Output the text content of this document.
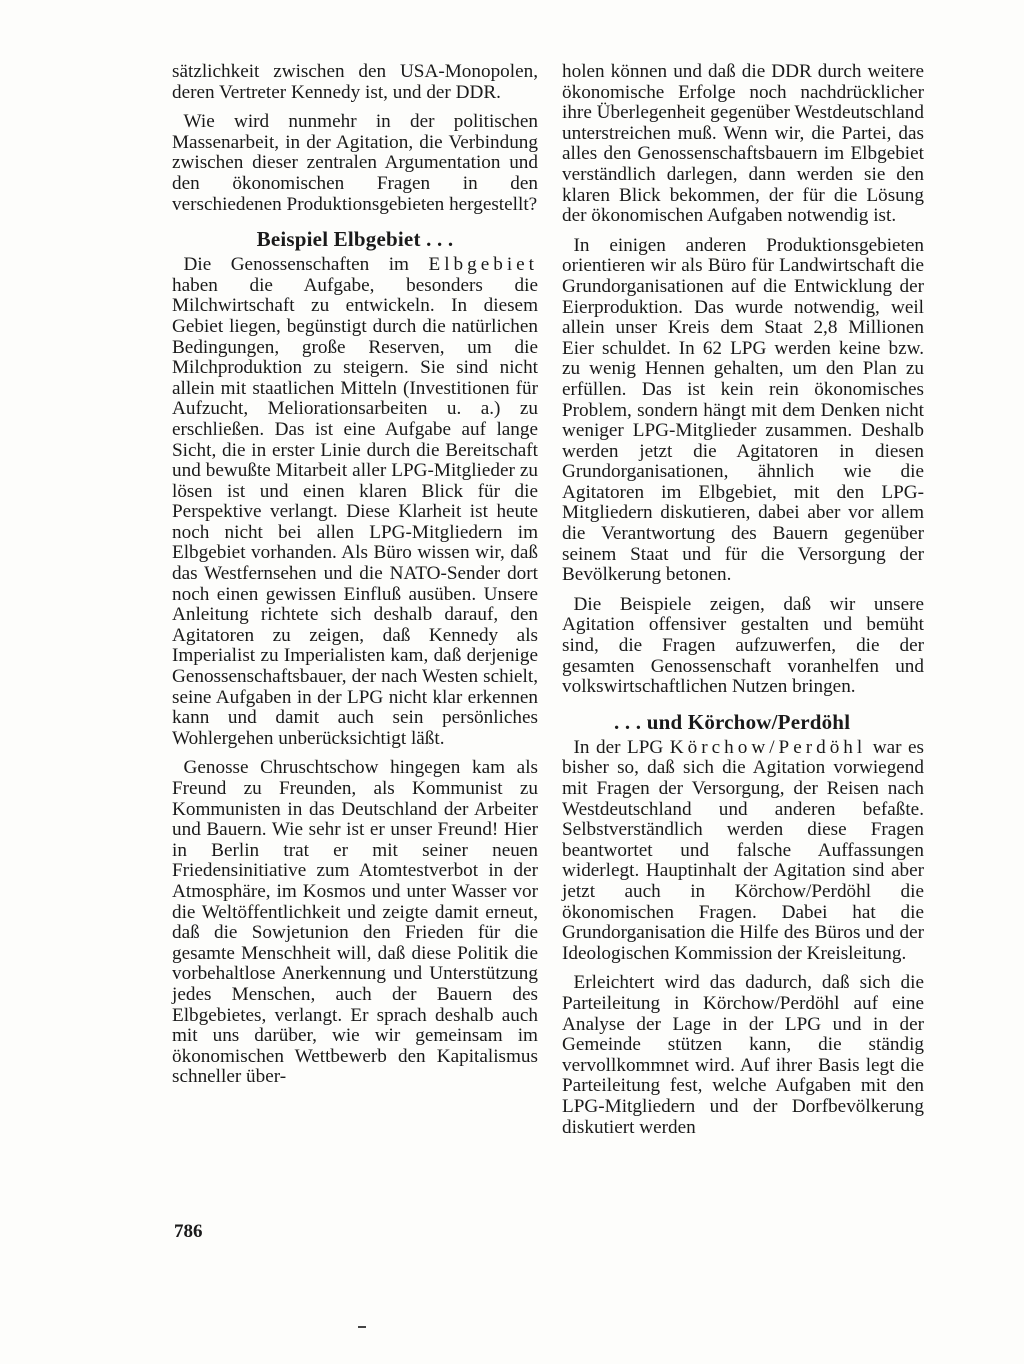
sätzlichkeit zwischen den USA-Monopolen, deren Vertreter Kennedy ist, und der DDR.

Wie wird nunmehr in der politischen Massenarbeit, in der Agitation, die Verbindung zwischen dieser zentralen Argumentation und den ökonomischen Fragen in den verschiedenen Produktionsgebieten hergestellt?

Beispiel Elbgebiet . . .

Die Genossenschaften im Elbgebiet haben die Aufgabe, besonders die Milchwirtschaft zu entwickeln. In diesem Gebiet liegen, begünstigt durch die natürlichen Bedingungen, große Reserven, um die Milchproduktion zu steigern. Sie sind nicht allein mit staatlichen Mitteln (Investitionen für Aufzucht, Meliorationsarbeiten u. a.) zu erschließen. Das ist eine Aufgabe auf lange Sicht, die in erster Linie durch die Bereitschaft und bewußte Mitarbeit aller LPG-Mitglieder zu lösen ist und einen klaren Blick für die Perspektive verlangt. Diese Klarheit ist heute noch nicht bei allen LPG-Mitgliedern im Elbgebiet vorhanden. Als Büro wissen wir, daß das Westfernsehen und die NATO-Sender dort noch einen gewissen Einfluß ausüben. Unsere Anleitung richtete sich deshalb darauf, den Agitatoren zu zeigen, daß Kennedy als Imperialist zu Imperialisten kam, daß derjenige Genossenschaftsbauer, der nach Westen schielt, seine Aufgaben in der LPG nicht klar erkennen kann und damit auch sein persönliches Wohlergehen unberücksichtigt läßt.

Genosse Chruschtschow hingegen kam als Freund zu Freunden, als Kommunist zu Kommunisten in das Deutschland der Arbeiter und Bauern. Wie sehr ist er unser Freund! Hier in Berlin trat er mit seiner neuen Friedensinitiative zum Atomtestverbot in der Atmosphäre, im Kosmos und unter Wasser vor die Weltöffentlichkeit und zeigte damit erneut, daß die Sowjetunion den Frieden für die gesamte Menschheit will, daß diese Politik die vorbehaltlose Anerkennung und Unterstützung jedes Menschen, auch der Bauern des Elbgebietes, verlangt. Er sprach deshalb auch mit uns darüber, wie wir gemeinsam im ökonomischen Wettbewerb den Kapitalismus schneller über-

holen können und daß die DDR durch weitere ökonomische Erfolge noch nachdrücklicher ihre Überlegenheit gegenüber Westdeutschland unterstreichen muß. Wenn wir, die Partei, das alles den Genossenschaftsbauern im Elbgebiet verständlich darlegen, dann werden sie den klaren Blick bekommen, der für die Lösung der ökonomischen Aufgaben notwendig ist.

In einigen anderen Produktionsgebieten orientieren wir als Büro für Landwirtschaft die Grundorganisationen auf die Entwicklung der Eierproduktion. Das wurde notwendig, weil allein unser Kreis dem Staat 2,8 Millionen Eier schuldet. In 62 LPG werden keine bzw. zu wenig Hennen gehalten, um den Plan zu erfüllen. Das ist kein rein ökonomisches Problem, sondern hängt mit dem Denken nicht weniger LPG-Mitglieder zusammen. Deshalb werden jetzt die Agitatoren in diesen Grundorganisationen, ähnlich wie die Agitatoren im Elbgebiet, mit den LPG-Mitgliedern diskutieren, dabei aber vor allem die Verantwortung des Bauern gegenüber seinem Staat und für die Versorgung der Bevölkerung betonen.

Die Beispiele zeigen, daß wir unsere Agitation offensiver gestalten und bemüht sind, die Fragen aufzuwerfen, die der gesamten Genossenschaft voranhelfen und volkswirtschaftlichen Nutzen bringen.

. . . und Körchow/Perdöhl

In der LPG Körchow/Perdöhl war es bisher so, daß sich die Agitation vorwiegend mit Fragen der Versorgung, der Reisen nach Westdeutschland und anderen befaßte. Selbstverständlich werden diese Fragen beantwortet und falsche Auffassungen widerlegt. Hauptinhalt der Agitation sind aber jetzt auch in Körchow/Perdöhl die ökonomischen Fragen. Dabei hat die Grundorganisation die Hilfe des Büros und der Ideologischen Kommission der Kreisleitung.

Erleichtert wird das dadurch, daß sich die Parteileitung in Körchow/Perdöhl auf eine Analyse der Lage in der LPG und in der Gemeinde stützen kann, die ständig vervollkommnet wird. Auf ihrer Basis legt die Parteileitung fest, welche Aufgaben mit den LPG-Mitgliedern und der Dorfbevölkerung diskutiert werden

786
